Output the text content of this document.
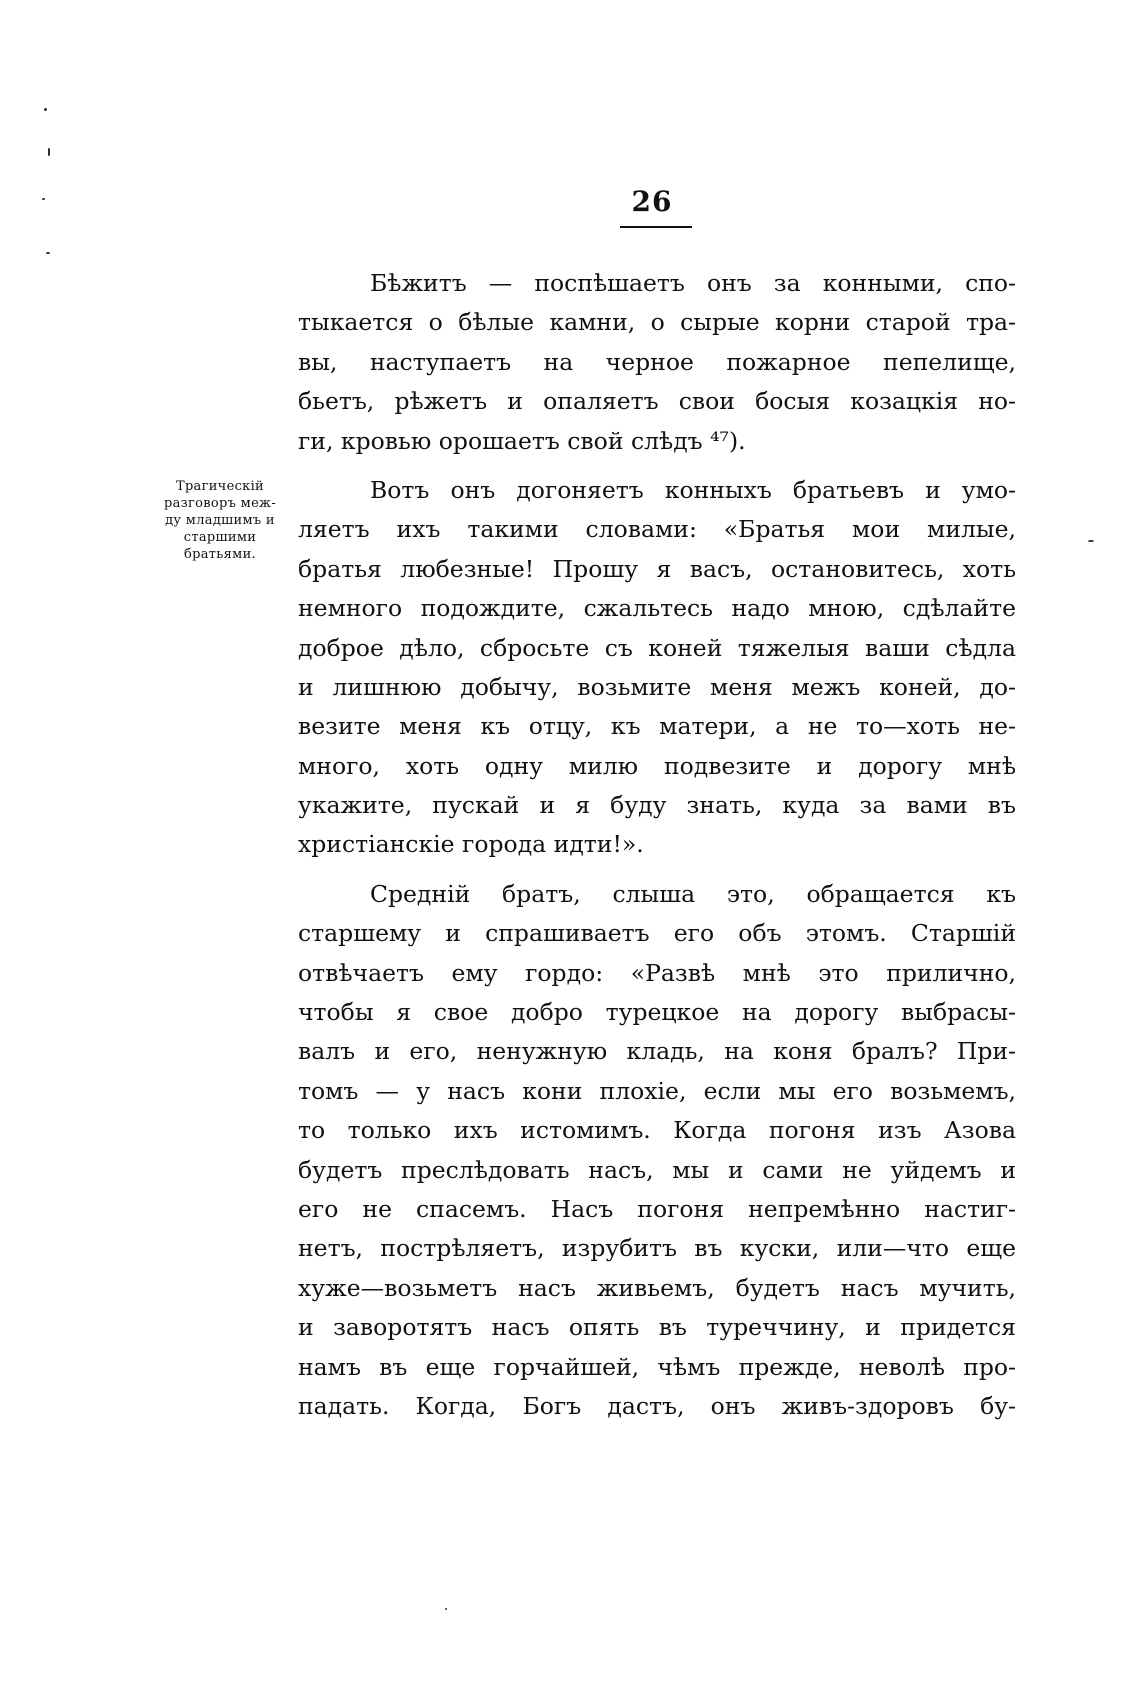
26
Трагическій
разговоръ меж-
ду младшимъ и
старшими
братьями.

Бѣжитъ — поспѣшаетъ онъ за конными, спо-
тыкается о бѣлые камни, о сырые корни старой тра-
вы, наступаетъ на черное пожарное пепелище,
бьетъ, рѣжетъ и опаляетъ свои босыя козацкія но-
ги, кровью орошаетъ свой слѣдъ ⁴⁷).

Вотъ онъ догоняетъ конныхъ братьевъ и умо-
ляетъ ихъ такими словами: «Братья мои милые,
братья любезные! Прошу я васъ, остановитесь, хоть
немного подождите, сжальтесь надо мною, сдѣлайте
доброе дѣло, сбросьте съ коней тяжелыя ваши сѣдла
и лишнюю добычу, возьмите меня межъ коней, до-
везите меня къ отцу, къ матери, а не то—хоть не-
много, хоть одну милю подвезите и дорогу мнѣ
укажите, пускай и я буду знать, куда за вами въ
христіанскіе города идти!».

Средній братъ, слыша это, обращается къ
старшему и спрашиваетъ его объ этомъ. Старшій
отвѣчаетъ ему гордо: «Развѣ мнѣ это прилично,
чтобы я свое добро турецкое на дорогу выбрасы-
валъ и его, ненужную кладь, на коня бралъ? При-
томъ — у насъ кони плохіе, если мы его возьмемъ,
то только ихъ истомимъ. Когда погоня изъ Азова
будетъ преслѣдовать насъ, мы и сами не уйдемъ и
его не спасемъ. Насъ погоня непремѣнно настиг-
нетъ, пострѣляетъ, изрубитъ въ куски, или—что еще
хуже—возьметъ насъ живьемъ, будетъ насъ мучить,
и заворотятъ насъ опять въ туреччину, и придется
намъ въ еще горчайшей, чѣмъ прежде, неволѣ про-
падать. Когда, Богъ дастъ, онъ живъ-здоровъ бу-
